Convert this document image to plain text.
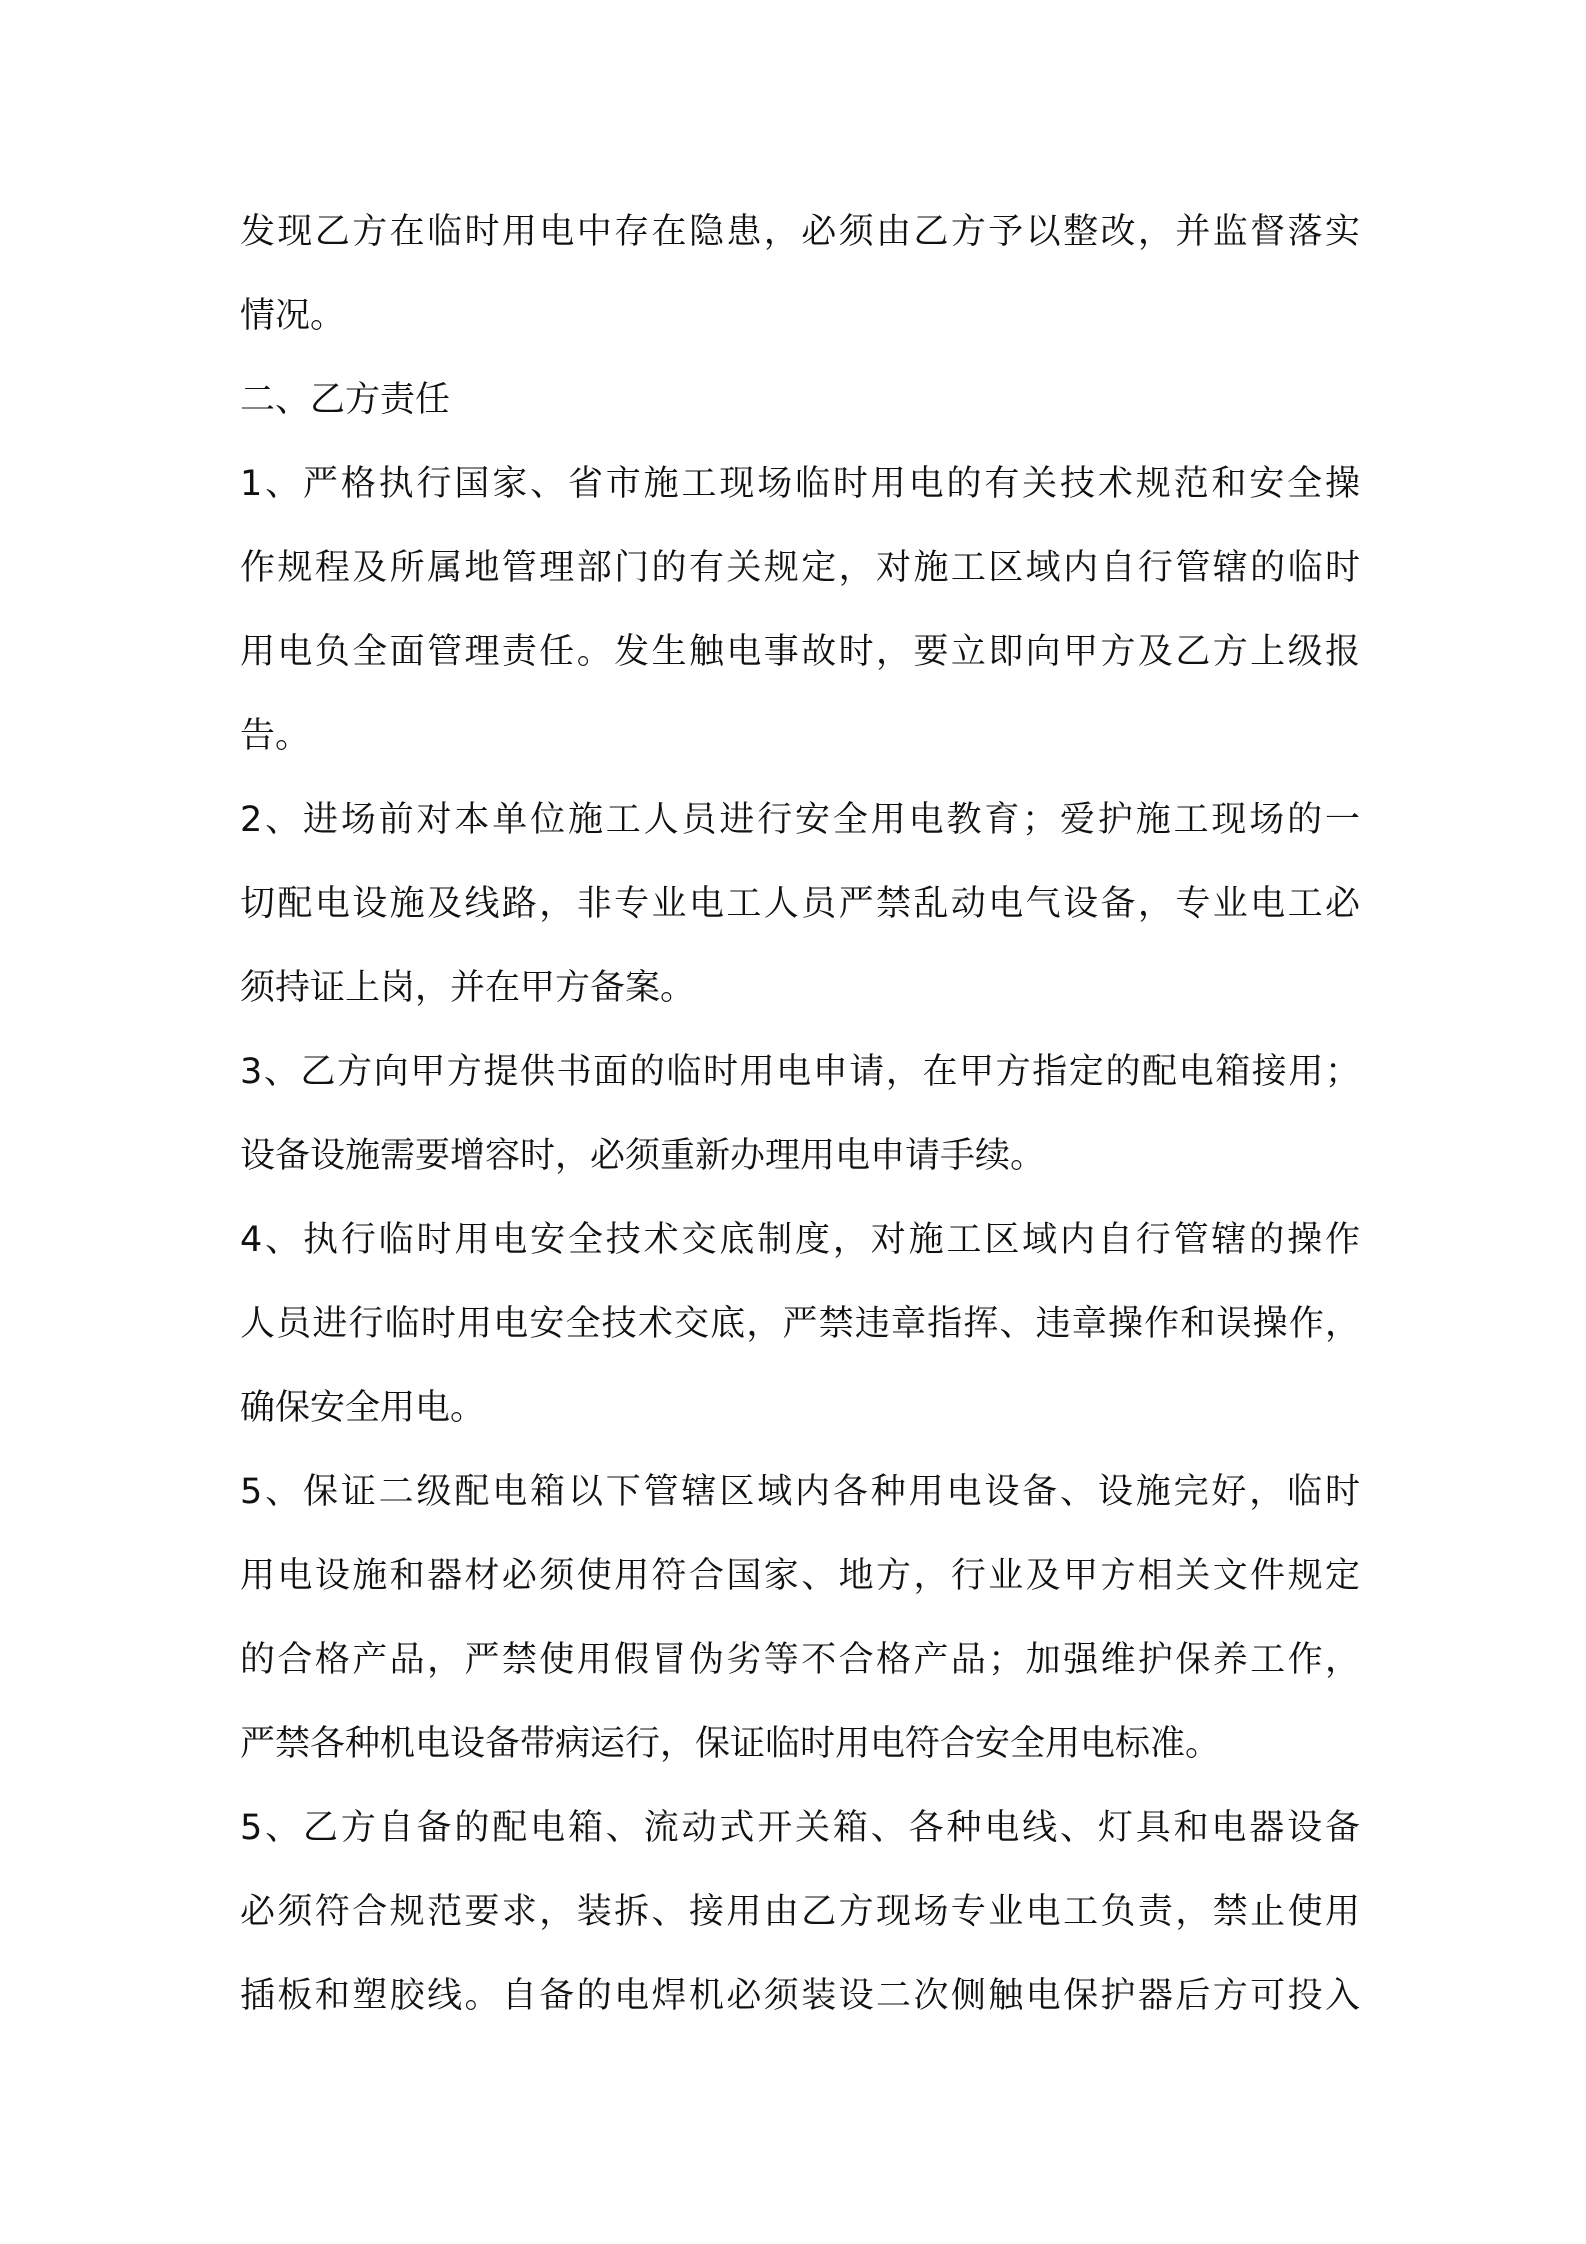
发现乙方在临时用电中存在隐患，必须由乙方予以整改，并监督落实
情况。
二、乙方责任
1、严格执行国家、省市施工现场临时用电的有关技术规范和安全操
作规程及所属地管理部门的有关规定，对施工区域内自行管辖的临时
用电负全面管理责任。发生触电事故时，要立即向甲方及乙方上级报
告。
2、进场前对本单位施工人员进行安全用电教育；爱护施工现场的一
切配电设施及线路，非专业电工人员严禁乱动电气设备，专业电工必
须持证上岗，并在甲方备案。
3、乙方向甲方提供书面的临时用电申请，在甲方指定的配电箱接用；
设备设施需要增容时，必须重新办理用电申请手续。
4、执行临时用电安全技术交底制度，对施工区域内自行管辖的操作
人员进行临时用电安全技术交底，严禁违章指挥、违章操作和误操作，
确保安全用电。
5、保证二级配电箱以下管辖区域内各种用电设备、设施完好，临时
用电设施和器材必须使用符合国家、地方，行业及甲方相关文件规定
的合格产品，严禁使用假冒伪劣等不合格产品；加强维护保养工作，
严禁各种机电设备带病运行，保证临时用电符合安全用电标准。
5、乙方自备的配电箱、流动式开关箱、各种电线、灯具和电器设备
必须符合规范要求，装拆、接用由乙方现场专业电工负责，禁止使用
插板和塑胶线。自备的电焊机必须装设二次侧触电保护器后方可投入
